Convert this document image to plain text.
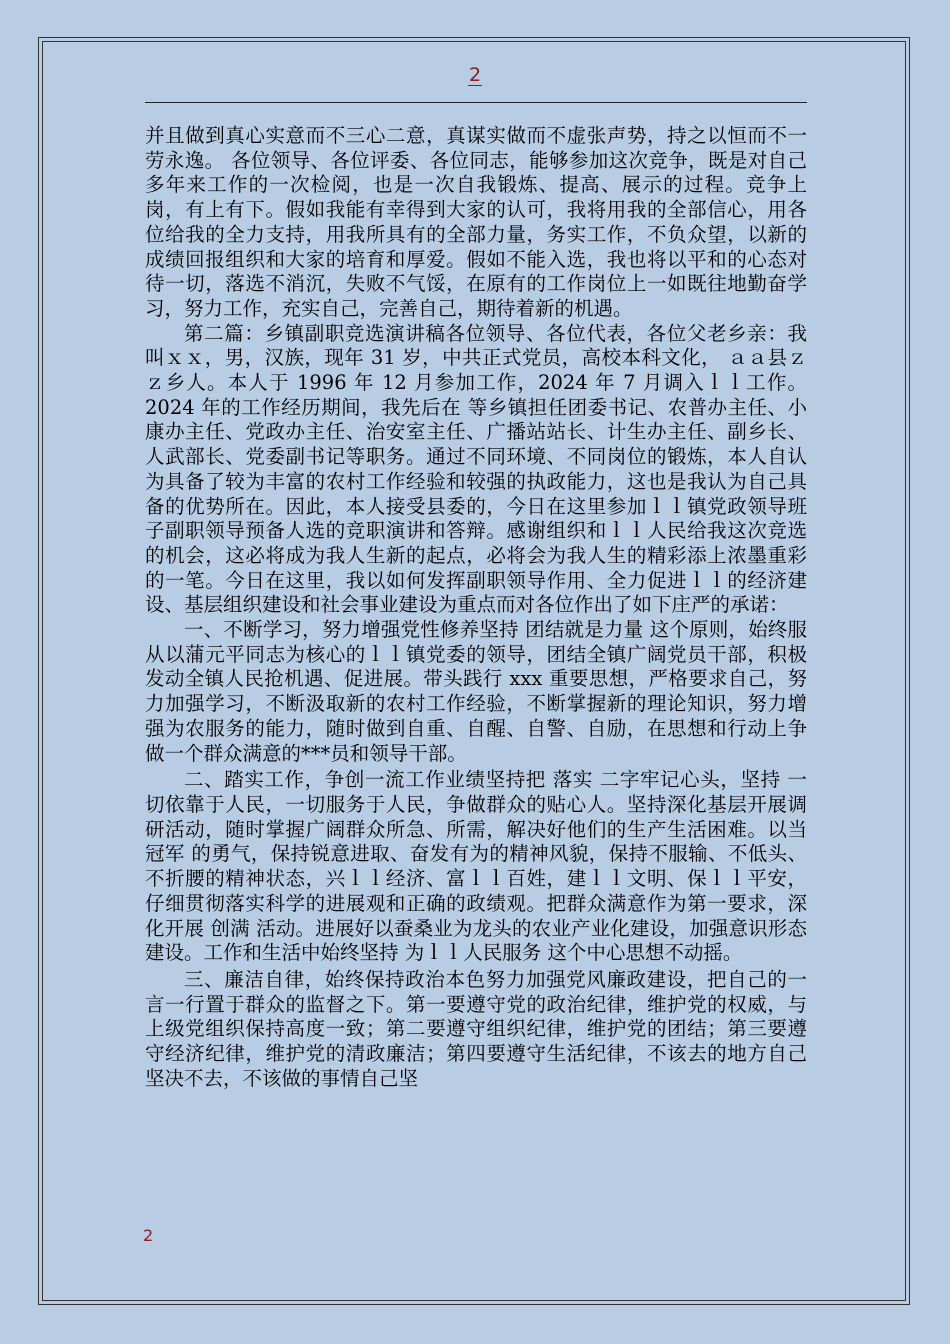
2

并且做到真心实意而不三心二意，真谋实做而不虚张声势，持之以恒而不一劳永逸。 各位领导、各位评委、各位同志，能够参加这次竞争，既是对自己多年来工作的一次检阅，也是一次自我锻炼、提高、展示的过程。竞争上岗，有上有下。假如我能有幸得到大家的认可，我将用我的全部信心，用各位给我的全力支持，用我所具有的全部力量，务实工作，不负众望，以新的成绩回报组织和大家的培育和厚爱。假如不能入选，我也将以平和的心态对待一切，落选不消沉，失败不气馁，在原有的工作岗位上一如既往地勤奋学习，努力工作，充实自己，完善自己，期待着新的机遇。

第二篇：乡镇副职竞选演讲稿各位领导、各位代表，各位父老乡亲：我叫ｘｘ，男，汉族，现年 31 岁，中共正式党员，高校本科文化， ａａ县ｚｚ乡人。本人于 1996 年 12 月参加工作，2024 年 7 月调入ｌｌ工作。2024 年的工作经历期间，我先后在 等乡镇担任团委书记、农普办主任、小康办主任、党政办主任、治安室主任、广播站站长、计生办主任、副乡长、人武部长、党委副书记等职务。通过不同环境、不同岗位的锻炼，本人自认为具备了较为丰富的农村工作经验和较强的执政能力，这也是我认为自己具备的优势所在。因此，本人接受县委的，今日在这里参加ｌｌ镇党政领导班子副职领导预备人选的竞职演讲和答辩。感谢组织和ｌｌ人民给我这次竞选的机会，这必将成为我人生新的起点，必将会为我人生的精彩添上浓墨重彩的一笔。今日在这里，我以如何发挥副职领导作用、全力促进ｌｌ的经济建设、基层组织建设和社会事业建设为重点而对各位作出了如下庄严的承诺：

一、不断学习，努力增强党性修养坚持 团结就是力量 这个原则，始终服从以蒲元平同志为核心的ｌｌ镇党委的领导，团结全镇广阔党员干部，积极发动全镇人民抢机遇、促进展。带头践行 xxx 重要思想，严格要求自己，努力加强学习，不断汲取新的农村工作经验，不断掌握新的理论知识，努力增强为农服务的能力，随时做到自重、自醒、自警、自励，在思想和行动上争做一个群众满意的***员和领导干部。

二、踏实工作，争创一流工作业绩坚持把 落实 二字牢记心头，坚持 一切依靠于人民，一切服务于人民，争做群众的贴心人。坚持深化基层开展调研活动，随时掌握广阔群众所急、所需，解决好他们的生产生活困难。以当 冠军 的勇气，保持锐意进取、奋发有为的精神风貌，保持不服输、不低头、不折腰的精神状态，兴ｌｌ经济、富ｌｌ百姓，建ｌｌ文明、保ｌｌ平安，仔细贯彻落实科学的进展观和正确的政绩观。把群众满意作为第一要求，深化开展 创满 活动。进展好以蚕桑业为龙头的农业产业化建设，加强意识形态建设。工作和生活中始终坚持 为ｌｌ人民服务 这个中心思想不动摇。

三、廉洁自律，始终保持政治本色努力加强党风廉政建设，把自己的一言一行置于群众的监督之下。第一要遵守党的政治纪律，维护党的权威，与上级党组织保持高度一致；第二要遵守组织纪律，维护党的团结；第三要遵守经济纪律，维护党的清政廉洁；第四要遵守生活纪律，不该去的地方自己坚决不去，不该做的事情自己坚

2
